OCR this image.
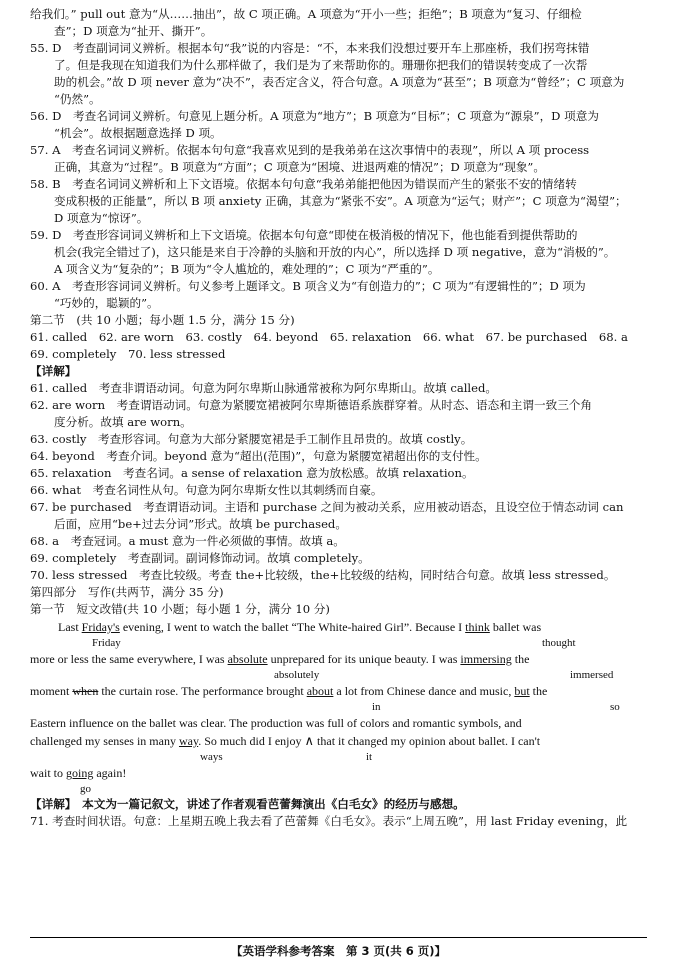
给我们。” pull out 意为“从……抽出”，故 C 项正确。A 项意为“开小一些；拒绝”；B 项意为“复习、仔细检
查”；D 项意为“扯开、撕开”。
55. D　考查副词词义辨析。根据本句“我”说的内容是：“不，本来我们没想过要开车上那座桥，我们拐弯抹错
了。但是我现在知道我们为什么那样做了，我们是为了来帮助你的。珊珊你把我们的错误转变成了一次帮
助的机会。”故 D 项 never 意为“决不”，表否定含义，符合句意。A 项意为“甚至”；B 项意为“曾经”；C 项意为
“仍然”。
56. D　考查名词词义辨析。句意见上题分析。A 项意为“地方”；B 项意为“目标”；C 项意为“源泉”，D 项意为
“机会”。故根据题意选择 D 项。
57. A　考查名词词义辨析。依据本句句意“我喜欢见到的是我弟弟在这次事情中的表现”，所以 A 项 process
正确，其意为“过程”。B 项意为“方面”；C 项意为“困境、进退两难的情况”；D 项意为“现象”。
58. B　考查名词词义辨析和上下文语境。依据本句句意“我弟弟能把他因为错误而产生的紧张不安的情绪转
变成积极的正能量”，所以 B 项 anxiety 正确，其意为“紧张不安”。A 项意为“运气；财产”；C 项意为“渴望”；
D 项意为“惊讶”。
59. D　考查形容词词义辨析和上下文语境。依据本句句意“即使在极消极的情况下，他也能看到提供帮助的
机会(我完全错过了)，这只能是来自于冷静的头脑和开放的内心”，所以选择 D 项 negative，意为“消极的”。
A 项含义为“复杂的”；B 项为“令人尴尬的，难处理的”；C 项为“严重的”。
60. A　考查形容词词义辨析。句义参考上题译文。B 项含义为“有创造力的”；C 项为“有逻辑性的”；D 项为
“巧妙的，聪颖的”。
第二节　(共 10 小题；每小题 1.5 分，满分 15 分)
61. called　62. are worn　63. costly　64. beyond　65. relaxation　66. what　67. be purchased　68. a
69. completely　70. less stressed
【详解】
61. called　考查非谓语动词。句意为阿尔卑斯山脉通常被称为阿尔卑斯山。故填 called。
62. are worn　考查谓语动词。句意为紧腰宽裙被阿尔卑斯德语系族群穿着。从时态、语态和主谓一致三个角
度分析。故填 are worn。
63. costly　考查形容词。句意为大部分紧腰宽裙是手工制作且昂贵的。故填 costly。
64. beyond　考查介词。beyond 意为“超出(范围)”，句意为紧腰宽裙超出你的支付性。
65. relaxation　考查名词。a sense of relaxation 意为放松感。故填 relaxation。
66. what　考查名词性从句。句意为阿尔卑斯女性以其刺绣而自豪。
67. be purchased　考查谓语动词。主语和 purchase 之间为被动关系，应用被动语态，且设空位于情态动词 can
后面，应用“be+过去分词”形式。故填 be purchased。
68. a　考查冠词。a must 意为一件必须做的事情。故填 a。
69. completely　考查副词。副词修饰动词。故填 completely。
70. less stressed　考查比较级。考查 the+比较级，the+比较级的结构，同时结合句意。故填 less stressed。
第四部分　写作(共两节，满分 35 分)
第一节　短文改错(共 10 小题；每小题 1 分，满分 10 分)
Last Friday's evening, I went to watch the ballet “The White-haired Girl”. Because I think ballet was
Friday	thought
more or less the same everywhere, I was absolute unprepared for its unique beauty. I was immersing the
absolutely	immersed
moment when the curtain rose. The performance brought about a lot from Chinese dance and music, but the
in	so
Eastern influence on the ballet was clear. The production was full of colors and romantic symbols, and
challenged my senses in many way. So much did I enjoy ∧ that it changed my opinion about ballet. I can't
ways	it
wait to going again!
go
【详解】　本文为一篇记叙文，讲述了作者观看芭蕾舞演出《白毛女》的经历与感想。
71. 考查时间状语。句意：上星期五晚上我去看了芭蕾舞《白毛女》。表示“上周五晚”，用 last Friday evening，此
【英语学科参考答案　第 3 页(共 6 页)】
